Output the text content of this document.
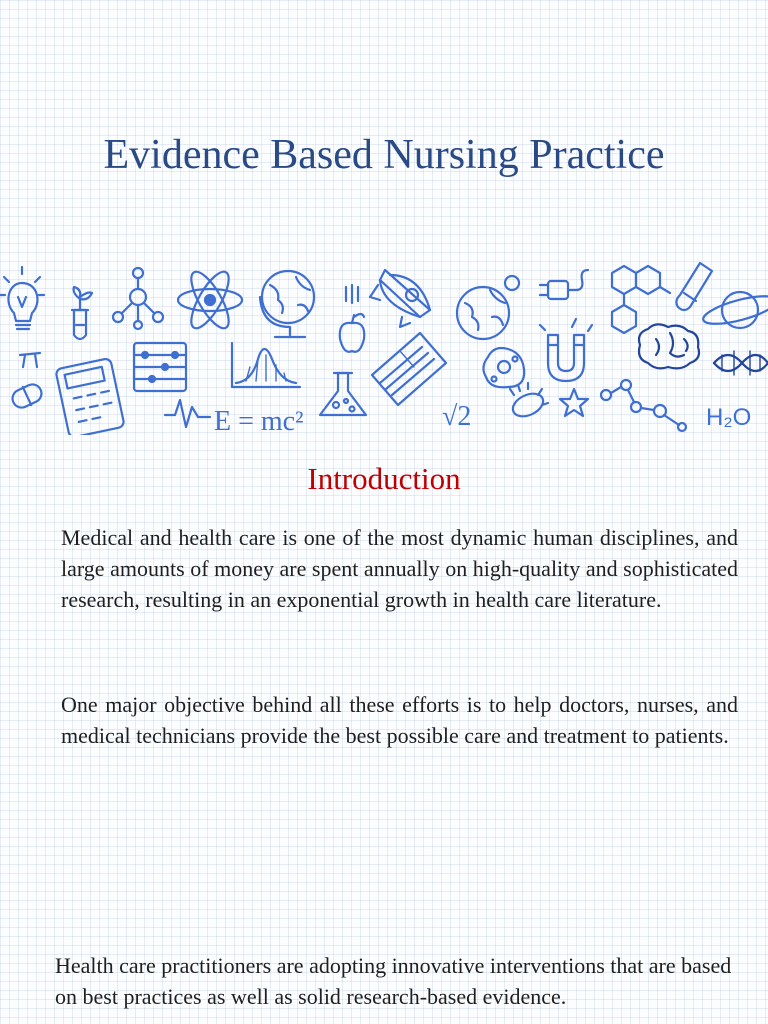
Evidence Based Nursing Practice
E = mc²	√2	H₂O
Introduction

Medical and health care is one of the most dynamic human disciplines, and large amounts of money are spent annually on high-quality and sophisticated research, resulting in an exponential growth in health care literature.

One major objective behind all these efforts is to help doctors, nurses, and medical technicians provide the best possible care and treatment to patients.

Health care practitioners are adopting innovative interventions that are based on best practices as well as solid research-based evidence.
